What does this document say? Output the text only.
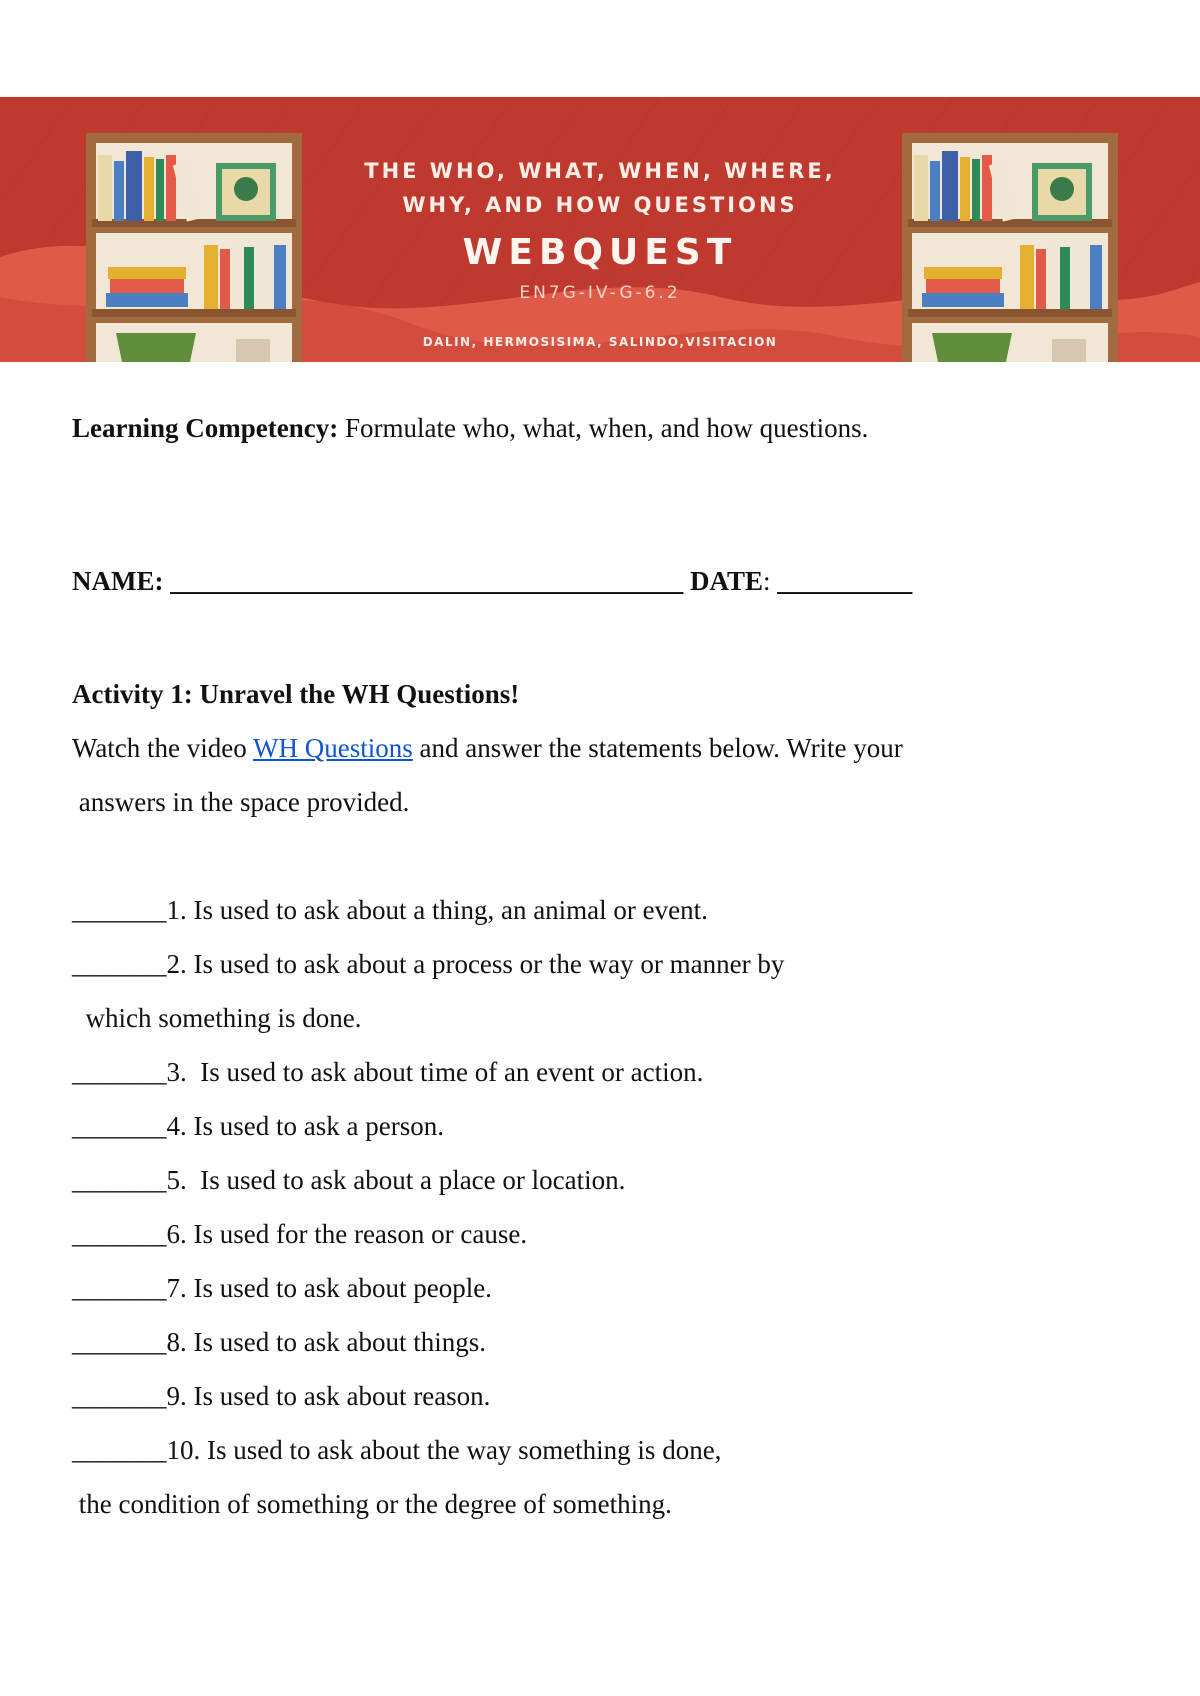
THE WHO, WHAT, WHEN, WHERE,
WHY, AND HOW QUESTIONS
WEBQUEST
EN7G-IV-G-6.2
DALIN, HERMOSISIMA, SALINDO,VISITACION
Learning Competency: Formulate who, what, when, and how questions.
NAME: ______________________________________ DATE: __________
Activity 1: Unravel the WH Questions!
Watch the video WH Questions and answer the statements below. Write your
answers in the space provided.
_______1. Is used to ask about a thing, an animal or event.
_______2. Is used to ask about a process or the way or manner by
which something is done.
_______3.  Is used to ask about time of an event or action.
_______4. Is used to ask a person.
_______5.  Is used to ask about a place or location.
_______6. Is used for the reason or cause.
_______7. Is used to ask about people.
_______8. Is used to ask about things.
_______9. Is used to ask about reason.
_______10. Is used to ask about the way something is done,
the condition of something or the degree of something.
